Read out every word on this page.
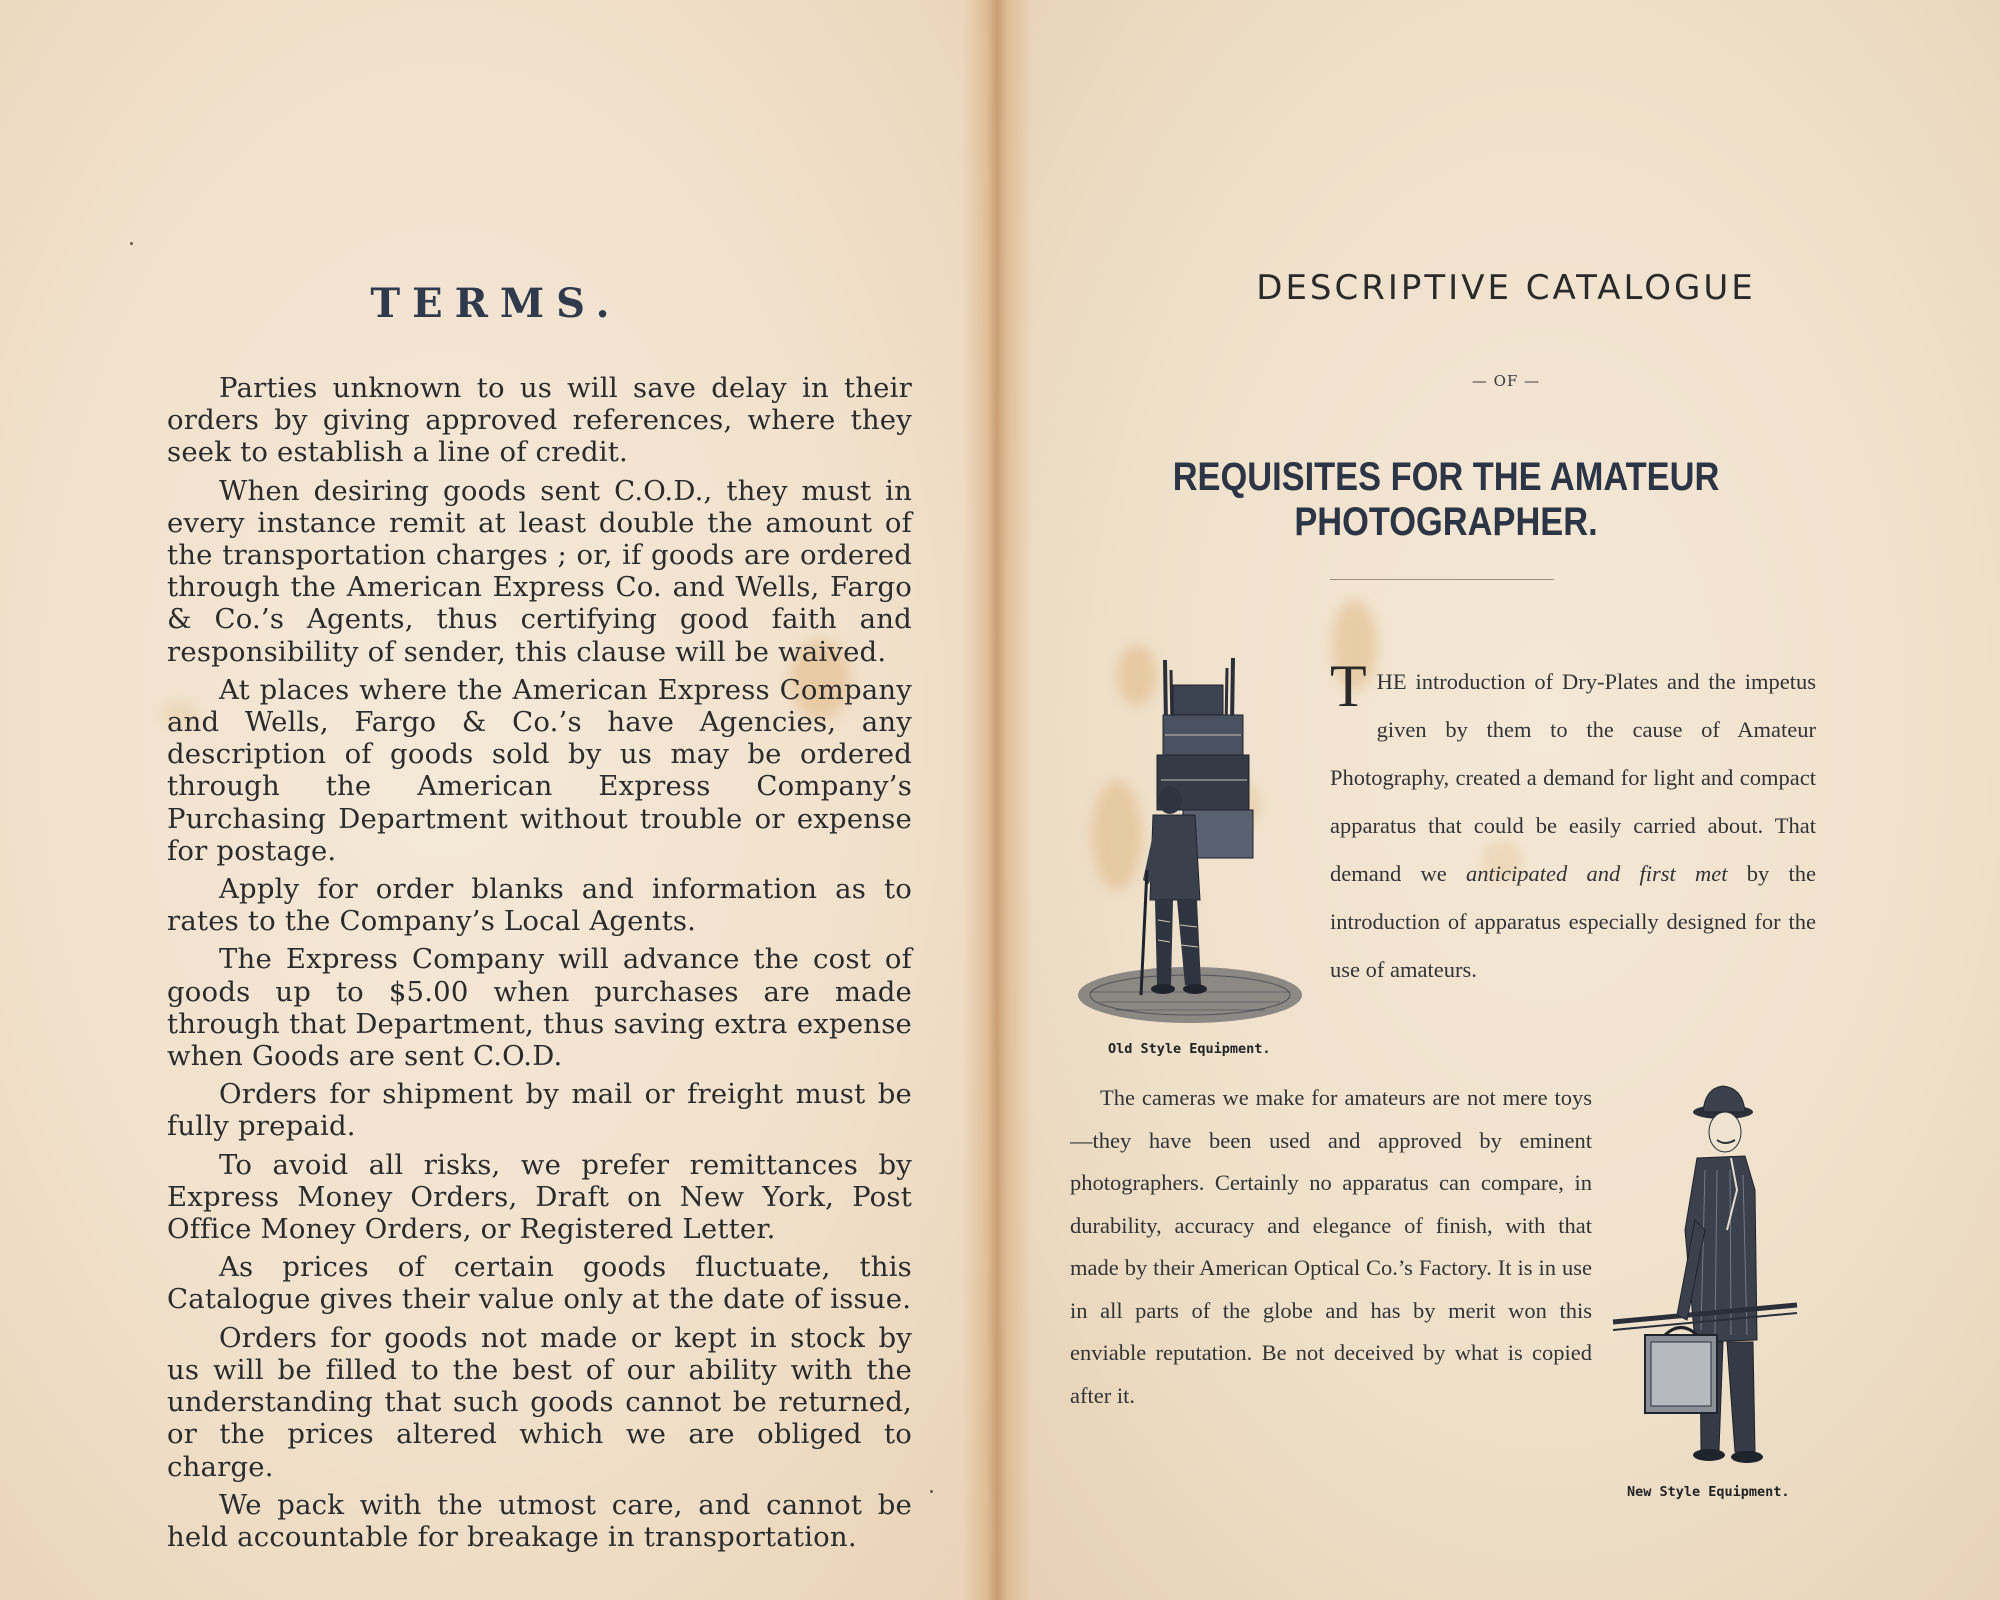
TERMS.

Parties unknown to us will save delay in their orders by giving approved references, where they seek to establish a line of credit.

When desiring goods sent C.O.D., they must in every instance remit at least double the amount of the transportation charges ; or, if goods are ordered through the American Express Co. and Wells, Fargo & Co.’s Agents, thus certifying good faith and responsibility of sender, this clause will be waived.

At places where the American Express Company and Wells, Fargo & Co.’s have Agencies, any description of goods sold by us may be ordered through the American Express Company’s Purchasing Department without trouble or expense for postage.

Apply for order blanks and information as to rates to the Company’s Local Agents.

The Express Company will advance the cost of goods up to $5.00 when purchases are made through that Department, thus saving extra expense when Goods are sent C.O.D.

Orders for shipment by mail or freight must be fully prepaid.

To avoid all risks, we prefer remittances by Express Money Orders, Draft on New York, Post Office Money Orders, or Registered Letter.

As prices of certain goods fluctuate, this Catalogue gives their value only at the date of issue.

Orders for goods not made or kept in stock by us will be filled to the best of our ability with the understanding that such goods cannot be returned, or the prices altered which we are obliged to charge.

We pack with the utmost care, and cannot be held accountable for breakage in transportation.

DESCRIPTIVE CATALOGUE
— OF —
REQUISITES FOR THE AMATEUR PHOTOGRAPHER.
Old Style Equipment.
THE introduction of Dry-Plates and the impetus given by them to the cause of Amateur Photography, created a demand for light and compact apparatus that could be easily carried about. That demand we anticipated and first met by the introduction of apparatus especially designed for the use of amateurs.
The cameras we make for amateurs are not mere toys—they have been used and approved by eminent photographers. Certainly no apparatus can compare, in durability, accuracy and elegance of finish, with that made by their American Optical Co.’s Factory. It is in use in all parts of the globe and has by merit won this enviable reputation. Be not deceived by what is copied after it.
New Style Equipment.
